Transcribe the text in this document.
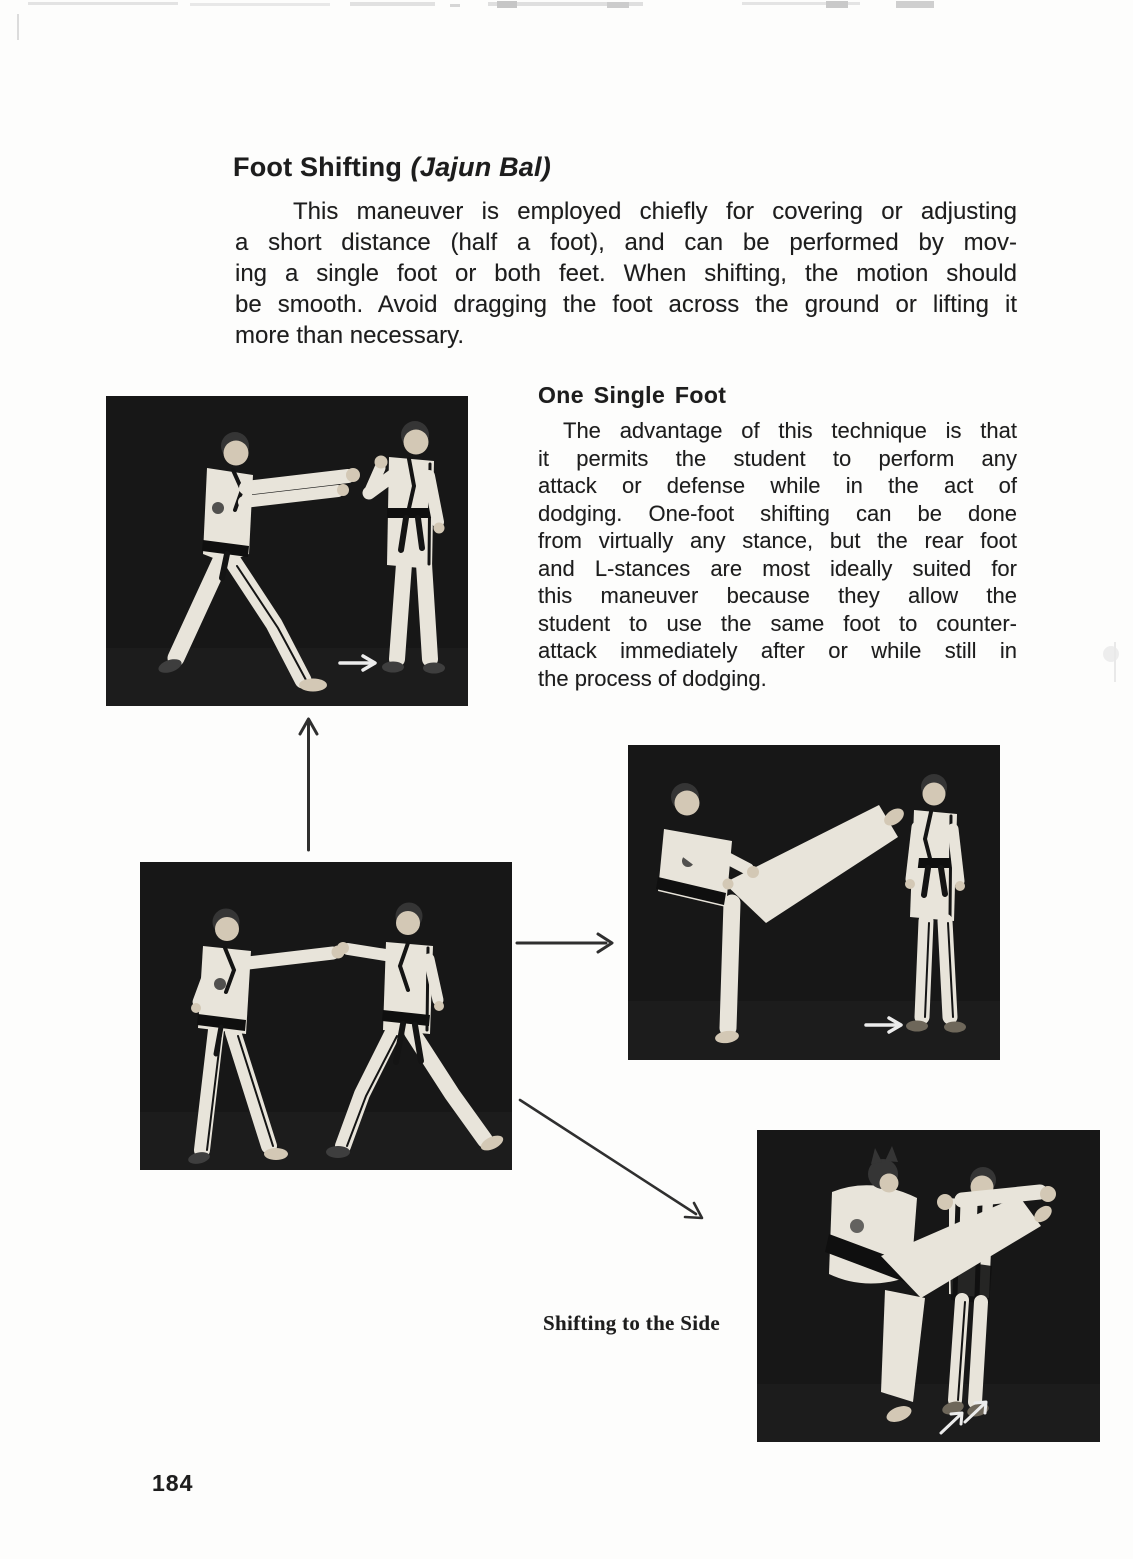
Foot Shifting (Jajun Bal)
This maneuver is employed chiefly for covering or adjusting
a short distance (half a foot), and can be performed by mov-
ing a single foot or both feet. When shifting, the motion should
be smooth. Avoid dragging the foot across the ground or lifting it
more than necessary.
One Single Foot
The advantage of this technique is that
it permits the student to perform any
attack or defense while in the act of
dodging. One-foot shifting can be done
from virtually any stance, but the rear foot
and L-stances are most ideally suited for
this maneuver because they allow the
student to use the same foot to counter-
attack immediately after or while still in
the process of dodging.
Shifting to the Side
184
